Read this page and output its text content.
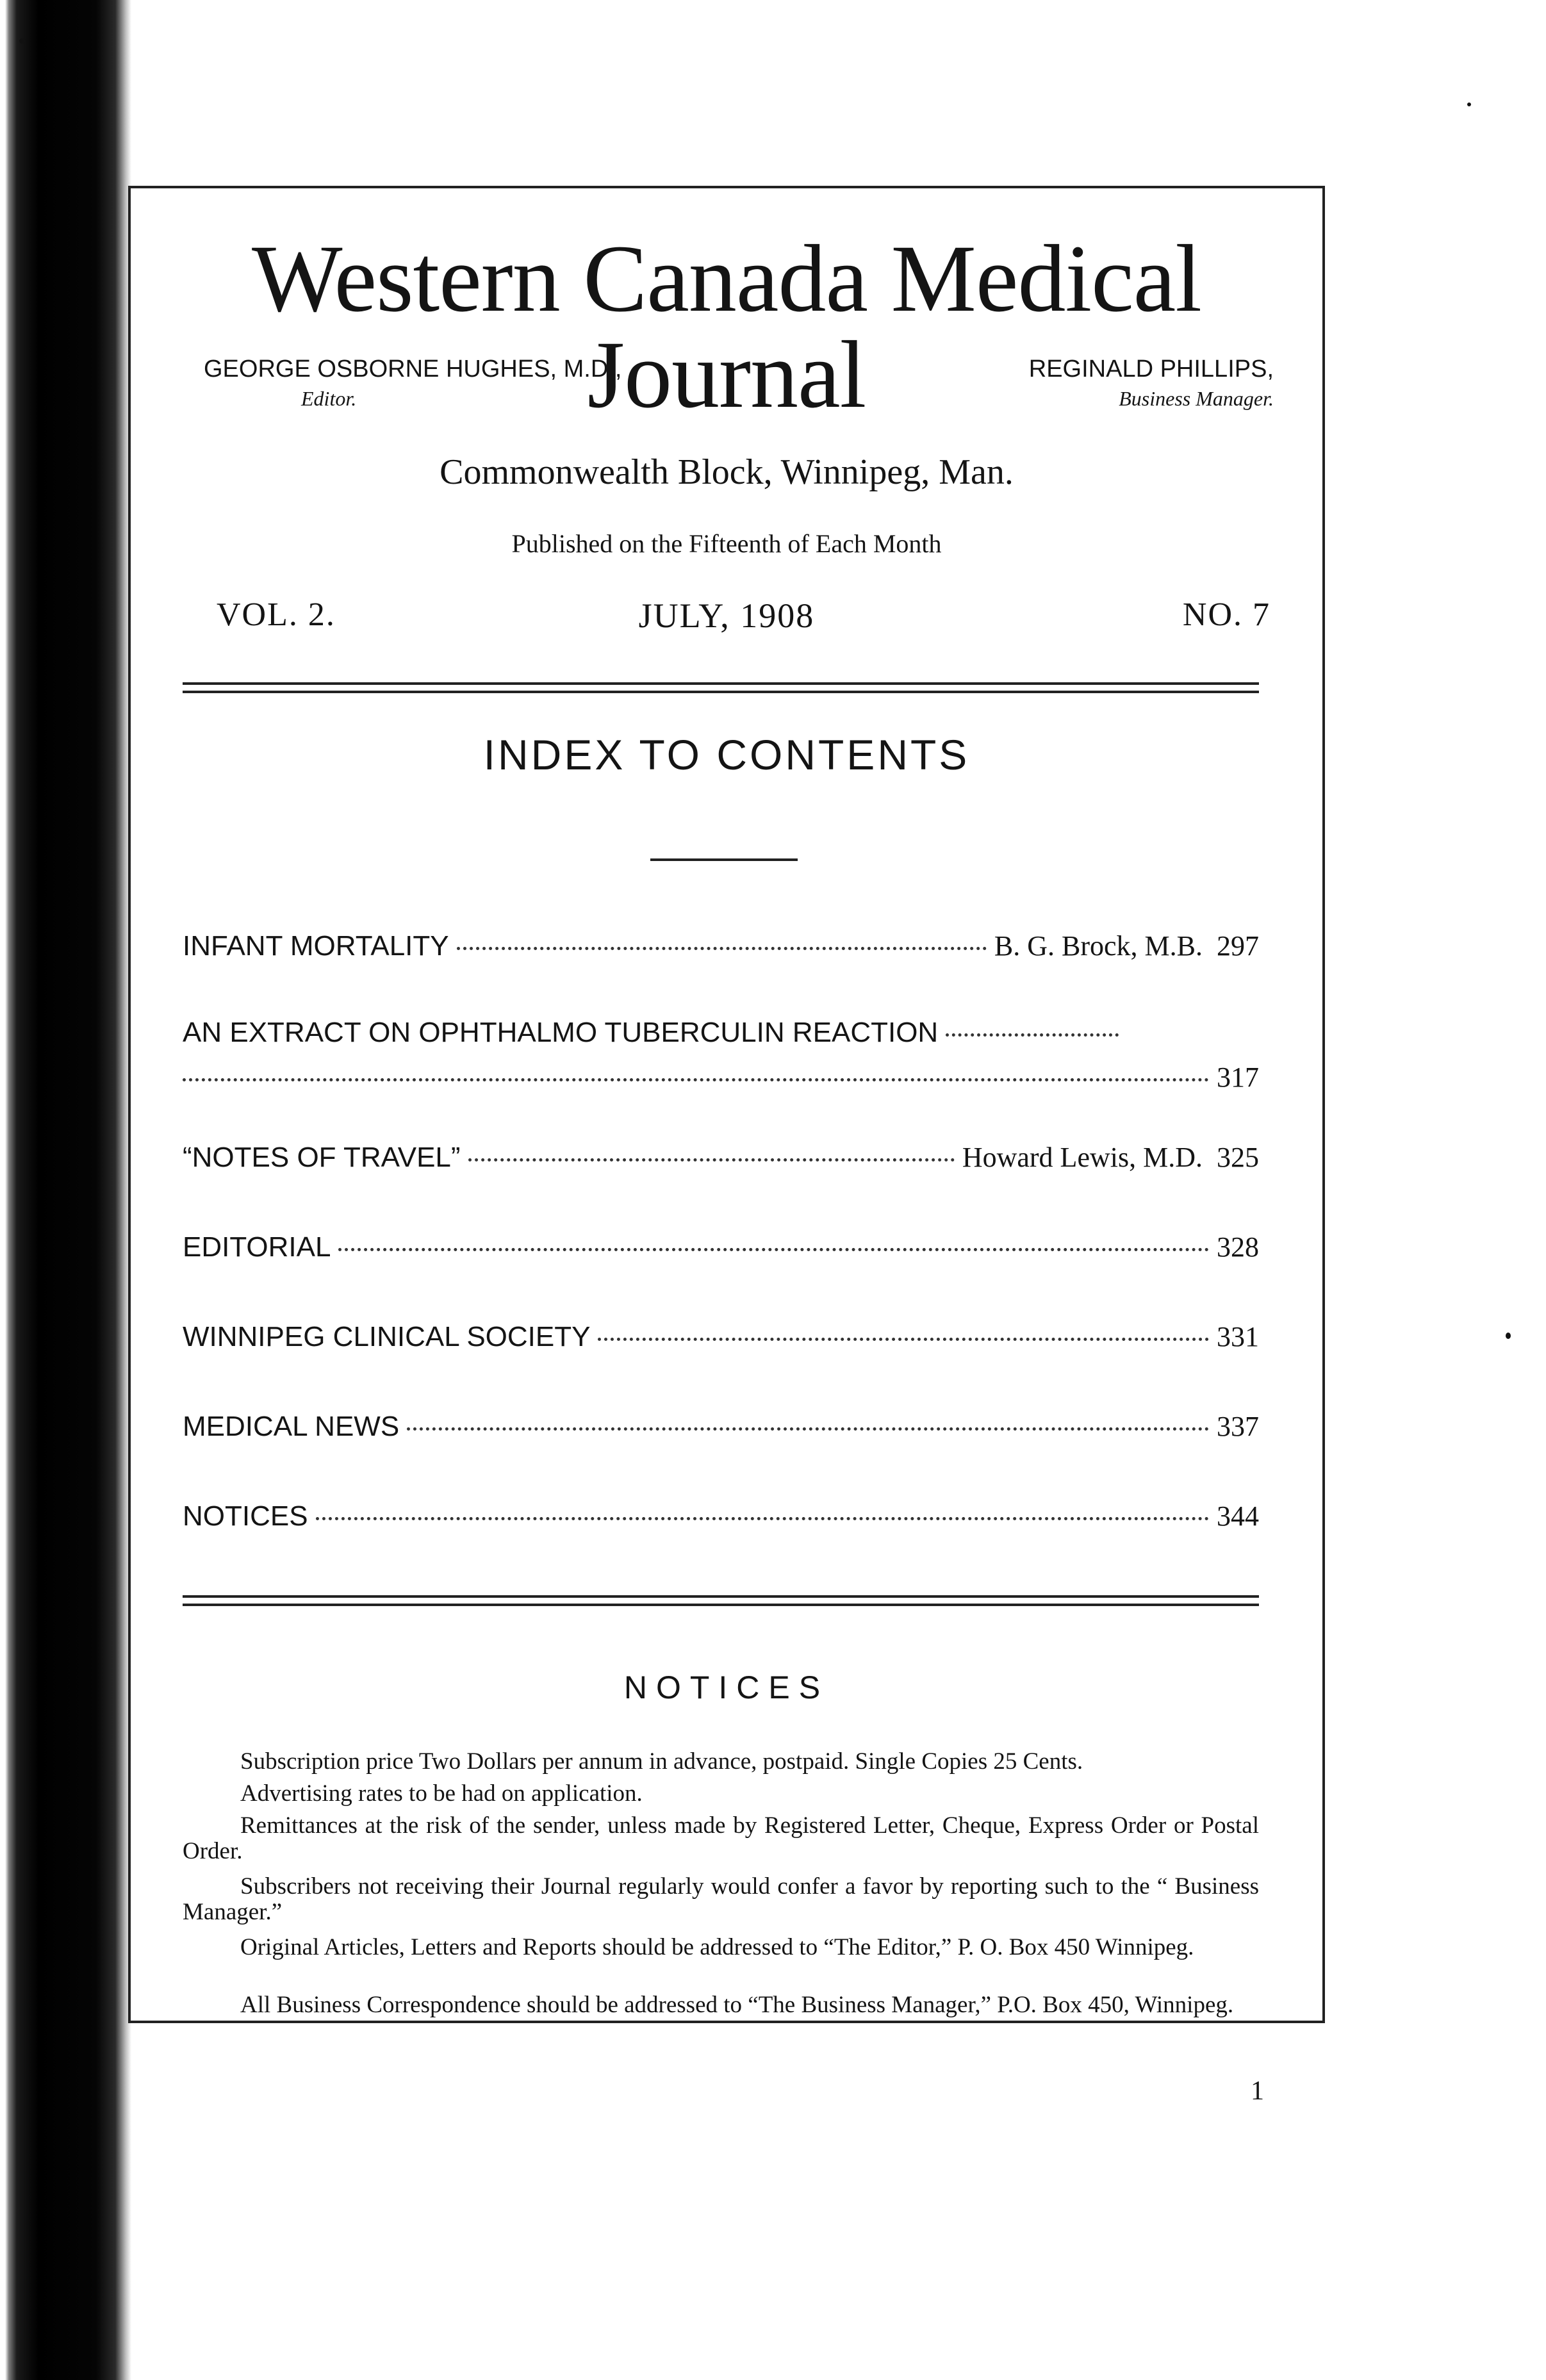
Western Canada Medical Journal
GEORGE OSBORNE HUGHES, M.D.,
Editor.
REGINALD PHILLIPS,
Business Manager.
Commonwealth Block, Winnipeg, Man.
Published on the Fifteenth of Each Month
VOL. 2.	JULY, 1908	NO. 7
INDEX TO CONTENTS
INFANT MORTALITY	B. G. Brock, M.B. 297
AN EXTRACT ON OPHTHALMO TUBERCULIN REACTION
317
“NOTES OF TRAVEL”	Howard Lewis, M.D. 325
EDITORIAL	328
WINNIPEG CLINICAL SOCIETY	331
MEDICAL NEWS	337
NOTICES	344
NOTICES
Subscription price Two Dollars per annum in advance, postpaid. Single Copies 25 Cents.
Advertising rates to be had on application.
Remittances at the risk of the sender, unless made by Registered Letter, Cheque, Express Order or Postal Order.
Subscribers not receiving their Journal regularly would confer a favor by reporting such to the “ Business Manager.”
Original Articles, Letters and Reports should be addressed to “The Editor,” P. O. Box 450 Winnipeg.
All Business Correspondence should be addressed to “The Business Manager,” P.O. Box 450, Winnipeg.
1
